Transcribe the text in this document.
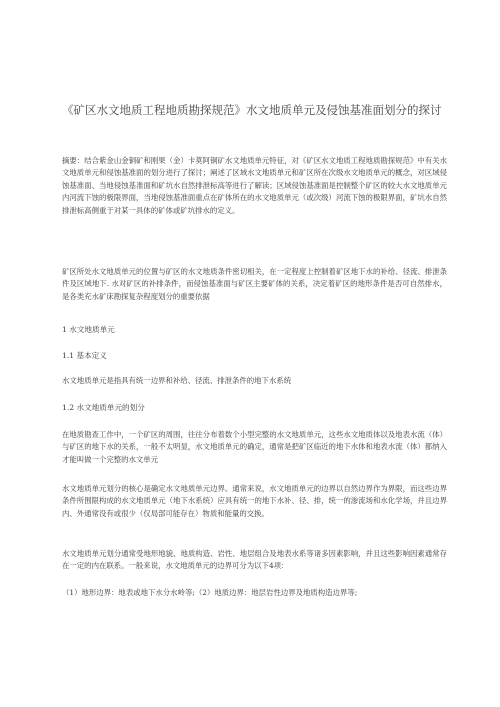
《矿区水文地质工程地质勘探规范》水文地质单元及侵蚀基准面划分的探讨

摘要：结合紫金山金铜矿和刚果（金）卡莫阿铜矿水文地质单元特征，对《矿区水文地质工程地质勘探规范》中有关水文地质单元和侵蚀基准面的划分进行了探讨；阐述了区域水文地质单元和矿区所在次级水文地质单元的概念，对区域侵蚀基准面、当地侵蚀基准面和矿坑水自然排泄标高等进行了解读；区域侵蚀基准面是控制整个矿区的较大水文地质单元内河流下蚀的极限界面，当地侵蚀基准面重点在矿体所在的水文地质单元（或次级）河流下蚀的极限界面，矿坑水自然排泄标高侧重于对某一具体的矿体或矿坑排水的定义。

矿区所处水文地质单元的位置与矿区的水文地质条件密切相关，在一定程度上控制着矿区地下水的补给、径流、排泄条件及区域地下. 水对矿区的补排条件，而侵蚀基准面与矿区主要矿体的关系，决定着矿区的地形条件是否可自然排水，是各类充水矿床勘探复杂程度划分的重要依据

1 水文地质单元

1.1 基本定义

水文地质单元是指具有统一边界和补给、径流、排泄条件的地下水系统

1.2 水文地质单元的划分

在地质勘查工作中，一个矿区的周围，往往分布着数个小型完整的水文地质单元，这些水文地质体以及地表水流（体）与矿区的地下水的关系，一般不太明显，水文地质单元的确定，通常是把矿区临近的地下水体和地表水流（体）都纳入才能叫做一个完整的水文单元

水文地质单元划分的核心是确定水文地质单元边界。通常来说，水文地质单元的边界以自然边界作为界限，而这些边界条件所围限构成的水文地质单元（地下水系统）应具有统一的地下水补、径、排，统一的渗流场和水化学场，并且边界内、外通常没有或很少（仅局部可能存在）物质和能量的交换。

水文地质单元划分通常受地形地貌、地质构造、岩性、地层组合及地表水系等诸多因素影响，并且这些影响因素通常存在一定的内在联系。一般来说，水文地质单元的边界可分为以下4项：

（1）地形边界：地表或地下水分水岭等;（2）地质边界：地层岩性边界及地质构造边界等;
